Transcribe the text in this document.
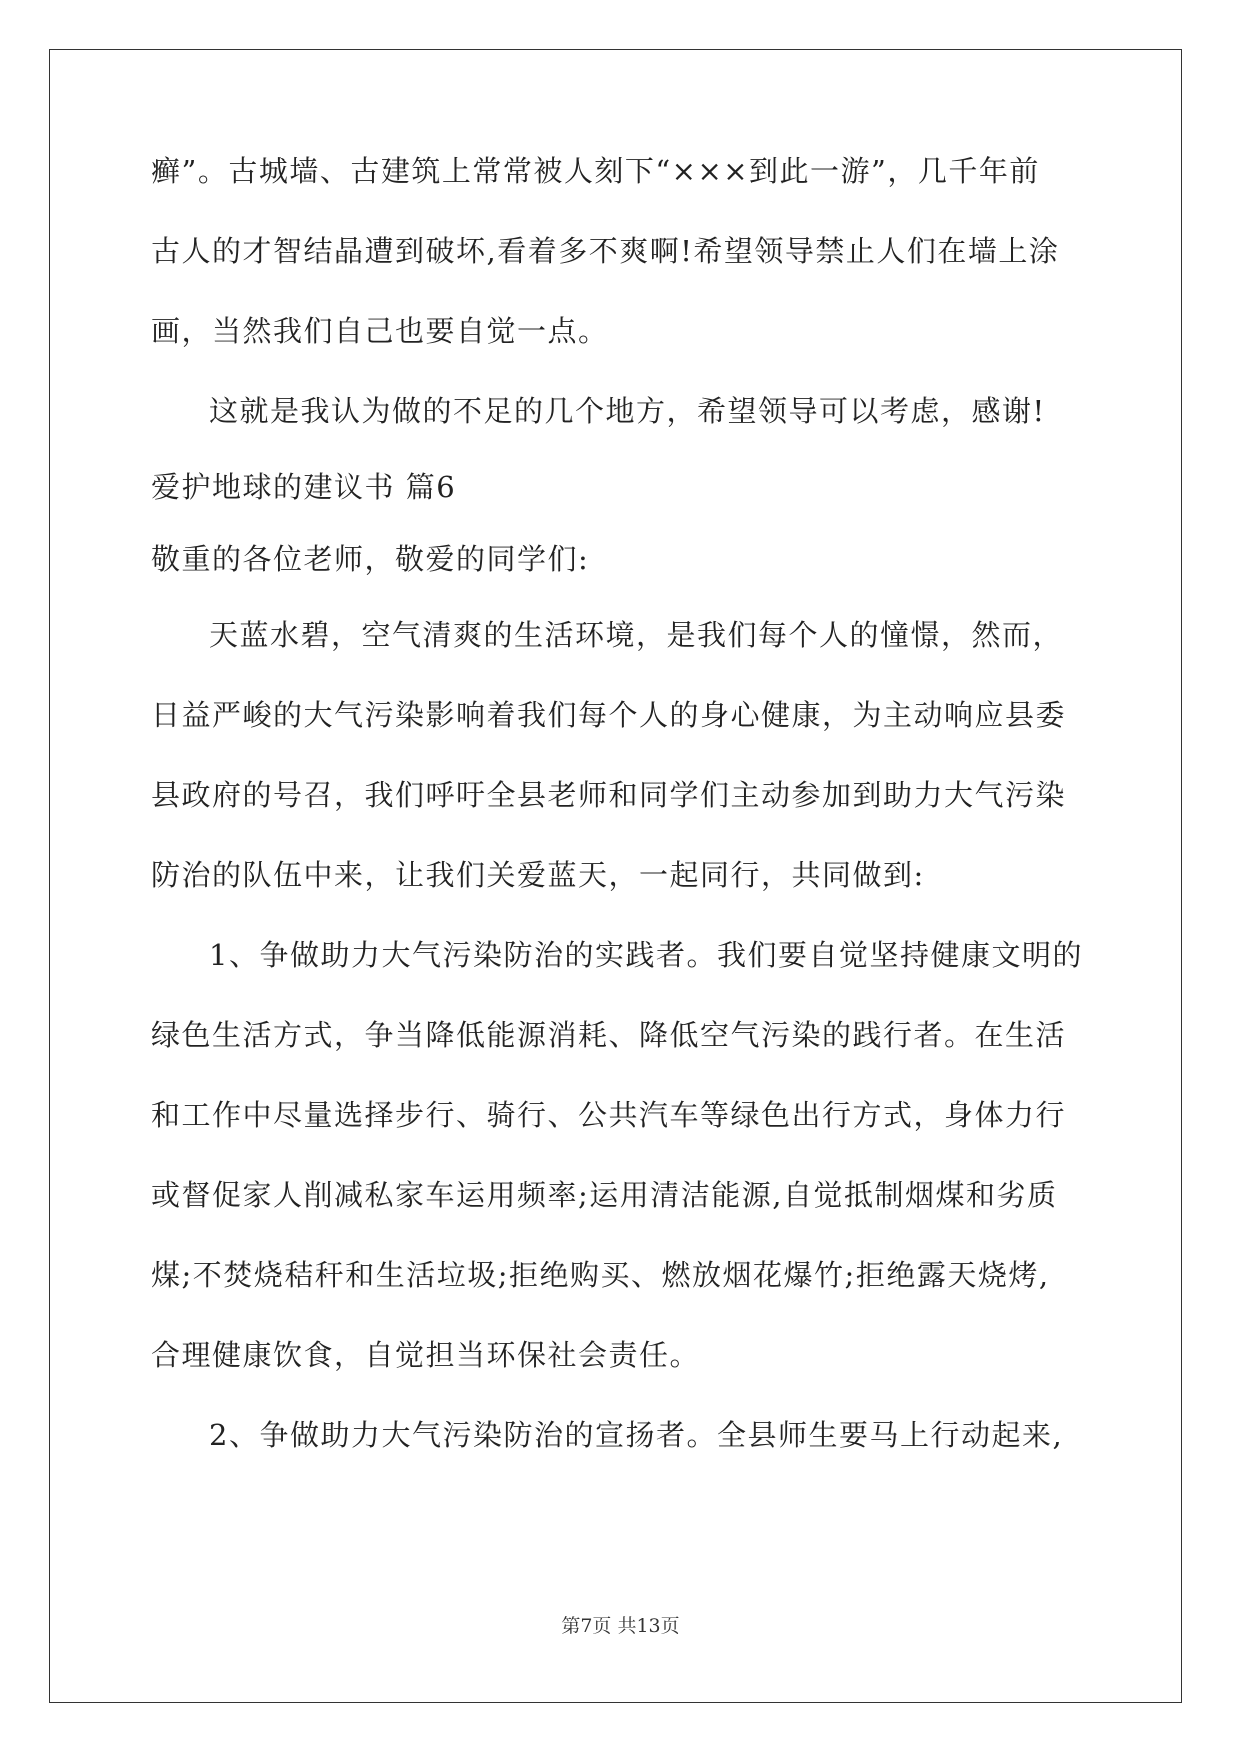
癣”。古城墙、古建筑上常常被人刻下“×××到此一游”，几千年前
古人的才智结晶遭到破坏,看着多不爽啊!希望领导禁止人们在墙上涂
画，当然我们自己也要自觉一点。
这就是我认为做的不足的几个地方，希望领导可以考虑，感谢!
爱护地球的建议书 篇6
敬重的各位老师，敬爱的同学们:
天蓝水碧，空气清爽的生活环境，是我们每个人的憧憬，然而，
日益严峻的大气污染影响着我们每个人的身心健康，为主动响应县委
县政府的号召，我们呼吁全县老师和同学们主动参加到助力大气污染
防治的队伍中来，让我们关爱蓝天，一起同行，共同做到:
1、争做助力大气污染防治的实践者。我们要自觉坚持健康文明的
绿色生活方式，争当降低能源消耗、降低空气污染的践行者。在生活
和工作中尽量选择步行、骑行、公共汽车等绿色出行方式，身体力行
或督促家人削减私家车运用频率;运用清洁能源,自觉抵制烟煤和劣质
煤;不焚烧秸秆和生活垃圾;拒绝购买、燃放烟花爆竹;拒绝露天烧烤,
合理健康饮食，自觉担当环保社会责任。
2、争做助力大气污染防治的宣扬者。全县师生要马上行动起来,
第7页 共13页
